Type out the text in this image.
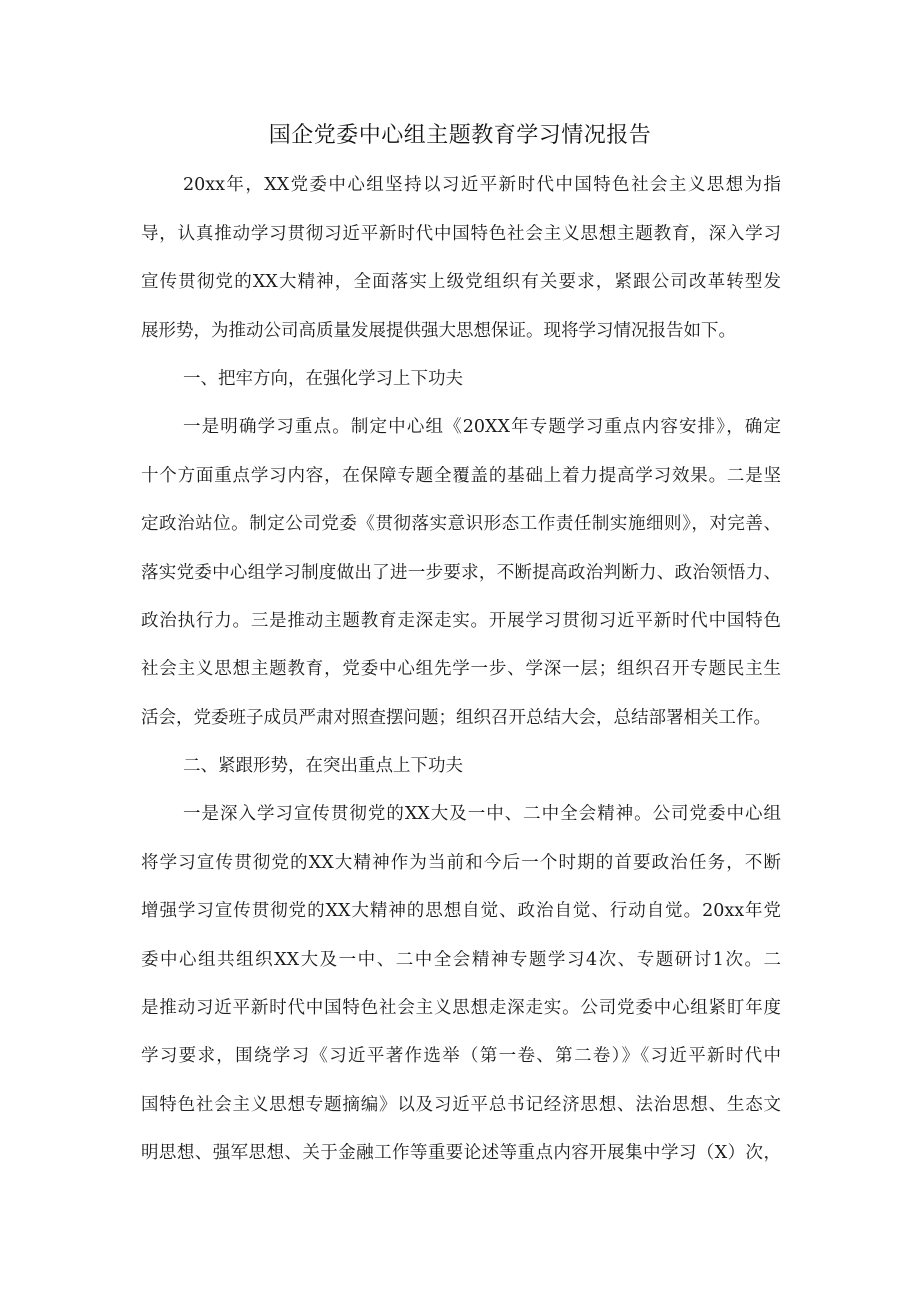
国企党委中心组主题教育学习情况报告
20xx年，XX党委中心组坚持以习近平新时代中国特色社会主义思想为指
导，认真推动学习贯彻习近平新时代中国特色社会主义思想主题教育，深入学习
宣传贯彻党的XX大精神，全面落实上级党组织有关要求，紧跟公司改革转型发
展形势，为推动公司高质量发展提供强大思想保证。现将学习情况报告如下。
一、把牢方向，在强化学习上下功夫
一是明确学习重点。制定中心组《20XX年专题学习重点内容安排》，确定
十个方面重点学习内容，在保障专题全覆盖的基础上着力提高学习效果。二是坚
定政治站位。制定公司党委《贯彻落实意识形态工作责任制实施细则》，对完善、
落实党委中心组学习制度做出了进一步要求，不断提高政治判断力、政治领悟力、
政治执行力。三是推动主题教育走深走实。开展学习贯彻习近平新时代中国特色
社会主义思想主题教育，党委中心组先学一步、学深一层；组织召开专题民主生
活会，党委班子成员严肃对照查摆问题；组织召开总结大会，总结部署相关工作。
二、紧跟形势，在突出重点上下功夫
一是深入学习宣传贯彻党的XX大及一中、二中全会精神。公司党委中心组
将学习宣传贯彻党的XX大精神作为当前和今后一个时期的首要政治任务，不断
增强学习宣传贯彻党的XX大精神的思想自觉、政治自觉、行动自觉。20xx年党
委中心组共组织XX大及一中、二中全会精神专题学习4次、专题研讨1次。二
是推动习近平新时代中国特色社会主义思想走深走实。公司党委中心组紧盯年度
学习要求，围绕学习《习近平著作选举（第一卷、第二卷）》《习近平新时代中
国特色社会主义思想专题摘编》以及习近平总书记经济思想、法治思想、生态文
明思想、强军思想、关于金融工作等重要论述等重点内容开展集中学习（X）次，
